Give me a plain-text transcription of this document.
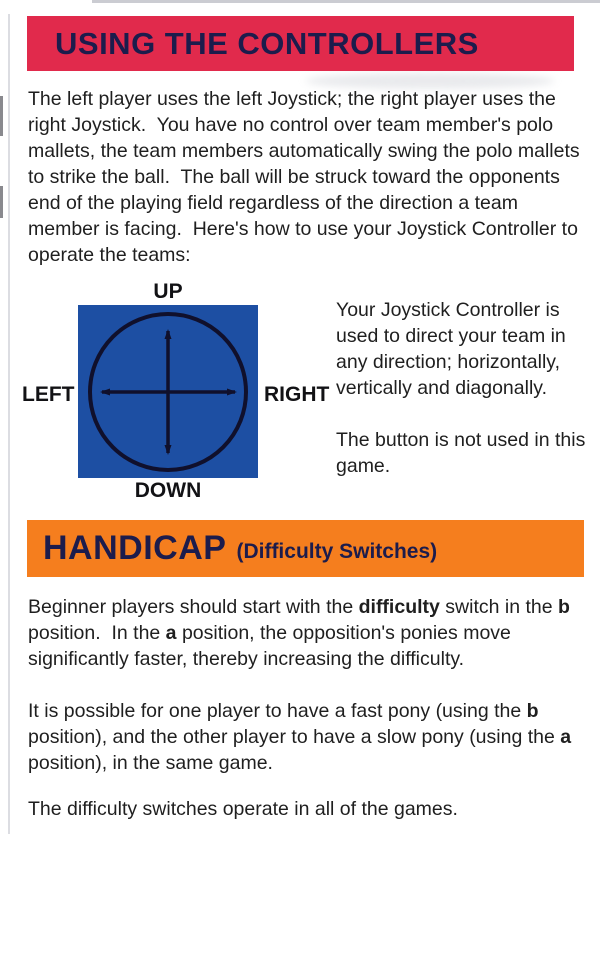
USING THE CONTROLLERS

The left player uses the left Joystick; the right player uses the right Joystick.  You have no control over team member's polo mallets, the team members automatically swing the polo mallets to strike the ball.  The ball will be struck toward the opponents end of the playing field regardless of the direction a team member is facing.  Here's how to use your Joystick Controller to operate the teams:

UP
LEFT	RIGHT
DOWN

Your Joystick Controller is used to direct your team in any direction; horizontally, vertically and diagonally.

The button is not used in this game.

HANDICAP (Difficulty Switches)

Beginner players should start with the difficulty switch in the b position.  In the a position, the opposition's ponies move significantly faster, thereby increasing the difficulty.

It is possible for one player to have a fast pony (using the b position), and the other player to have a slow pony (using the a position), in the same game.

The difficulty switches operate in all of the games.
